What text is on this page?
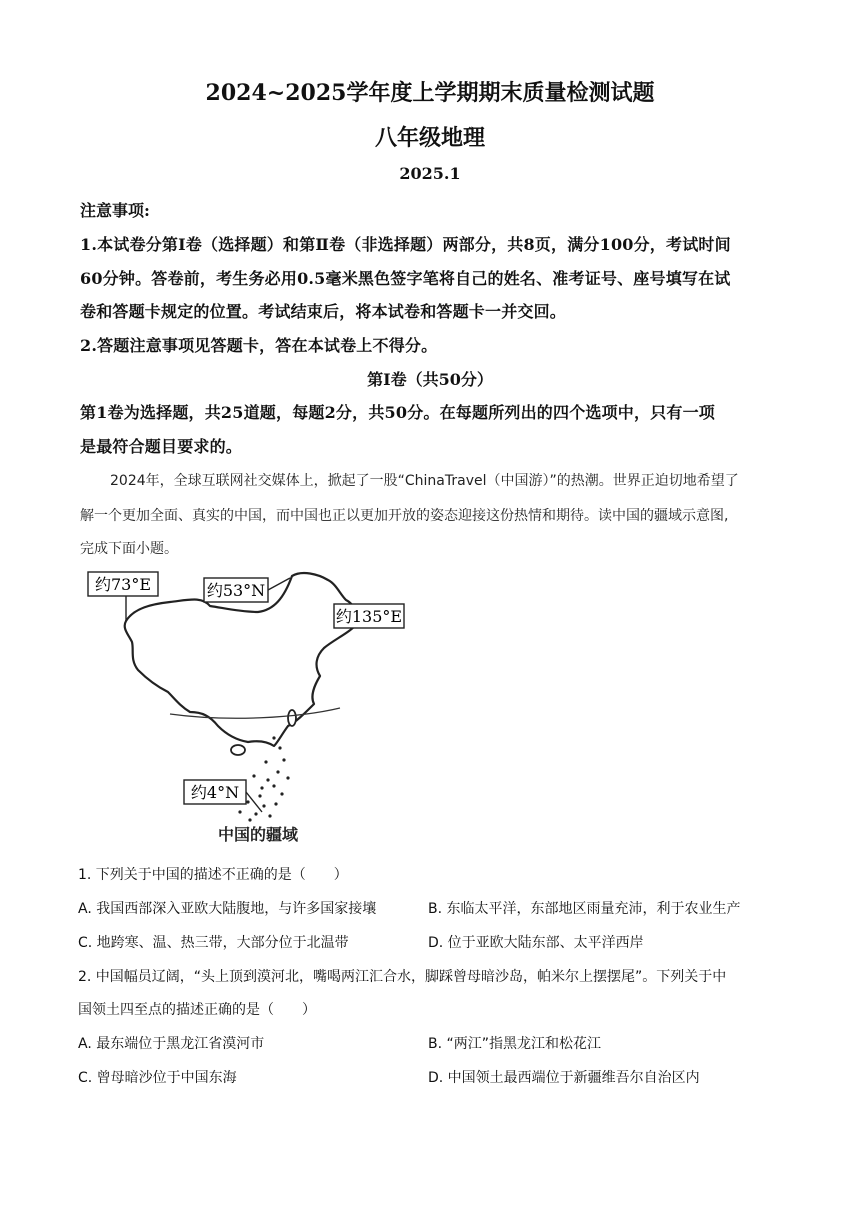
2024~2025学年度上学期期末质量检测试题
八年级地理
2025.1
注意事项:
1.本试卷分第I卷（选择题）和第Ⅱ卷（非选择题）两部分，共8页，满分100分，考试时间
60分钟。答卷前，考生务必用0.5毫米黑色签字笔将自己的姓名、准考证号、座号填写在试
卷和答题卡规定的位置。考试结束后，将本试卷和答题卡一并交回。
2.答题注意事项见答题卡，答在本试卷上不得分。
第I卷（共50分）
第1卷为选择题，共25道题，每题2分，共50分。在每题所列出的四个选项中，只有一项
是最符合题目要求的。
2024年，全球互联网社交媒体上，掀起了一股“ChinaTravel（中国游）”的热潮。世界正迫切地希望了
解一个更加全面、真实的中国，而中国也正以更加开放的姿态迎接这份热情和期待。读中国的疆域示意图,
完成下面小题。
约73°E	约53°N
约135°E
约4°N
中国的疆域
1. 下列关于中国的描述不正确的是（　　）
A. 我国西部深入亚欧大陆腹地，与许多国家接壤	B. 东临太平洋，东部地区雨量充沛，利于农业生产
C. 地跨寒、温、热三带，大部分位于北温带	D. 位于亚欧大陆东部、太平洋西岸
2. 中国幅员辽阔，“头上顶到漠河北，嘴喝两江汇合水，脚踩曾母暗沙岛，帕米尔上摆摆尾”。下列关于中
国领土四至点的描述正确的是（　　）
A. 最东端位于黑龙江省漠河市	B. “两江”指黑龙江和松花江
C. 曾母暗沙位于中国东海	D. 中国领土最西端位于新疆维吾尔自治区内
